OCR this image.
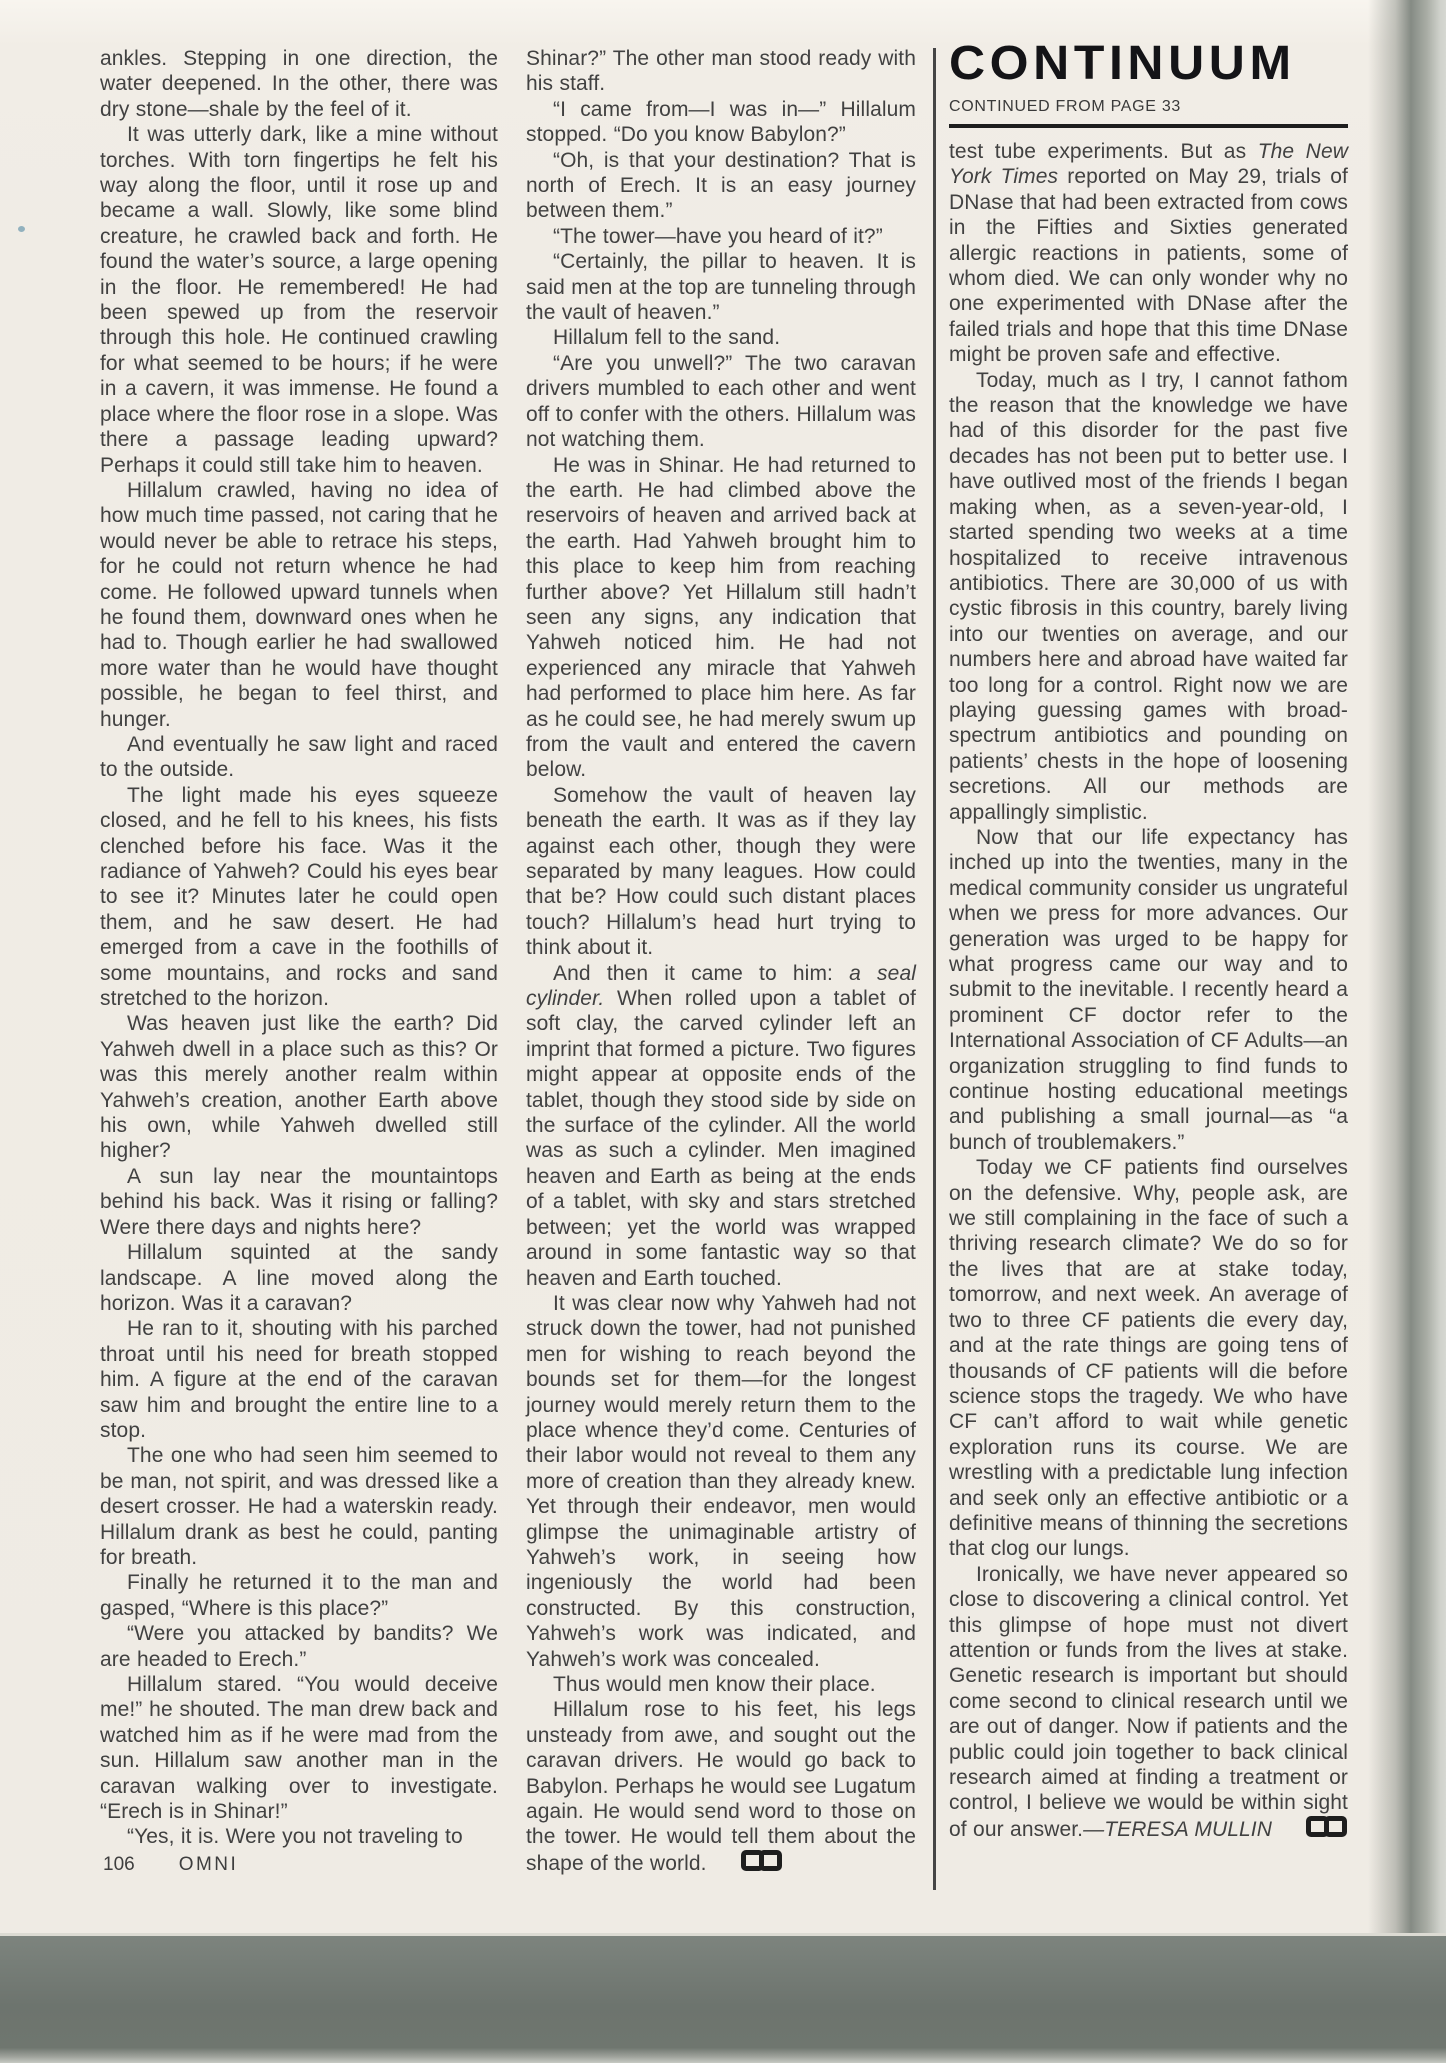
ankles. Stepping in one direction, the water deepened. In the other, there was dry stone—shale by the feel of it.

It was utterly dark, like a mine without torches. With torn fingertips he felt his way along the floor, until it rose up and became a wall. Slowly, like some blind creature, he crawled back and forth. He found the water’s source, a large opening in the floor. He remembered! He had been spewed up from the reservoir through this hole. He continued crawling for what seemed to be hours; if he were in a cavern, it was immense. He found a place where the floor rose in a slope. Was there a passage leading upward? Perhaps it could still take him to heaven.

Hillalum crawled, having no idea of how much time passed, not caring that he would never be able to retrace his steps, for he could not return whence he had come. He followed upward tunnels when he found them, downward ones when he had to. Though earlier he had swallowed more water than he would have thought possible, he began to feel thirst, and hunger.

And eventually he saw light and raced to the outside.

The light made his eyes squeeze closed, and he fell to his knees, his fists clenched before his face. Was it the radiance of Yahweh? Could his eyes bear to see it? Minutes later he could open them, and he saw desert. He had emerged from a cave in the foothills of some mountains, and rocks and sand stretched to the horizon.

Was heaven just like the earth? Did Yahweh dwell in a place such as this? Or was this merely another realm within Yahweh’s creation, another Earth above his own, while Yahweh dwelled still higher?

A sun lay near the mountaintops behind his back. Was it rising or falling? Were there days and nights here?

Hillalum squinted at the sandy landscape. A line moved along the horizon. Was it a caravan?

He ran to it, shouting with his parched throat until his need for breath stopped him. A figure at the end of the caravan saw him and brought the entire line to a stop.

The one who had seen him seemed to be man, not spirit, and was dressed like a desert crosser. He had a waterskin ready. Hillalum drank as best he could, panting for breath.

Finally he returned it to the man and gasped, “Where is this place?”

“Were you attacked by bandits? We are headed to Erech.”

Hillalum stared. “You would deceive me!” he shouted. The man drew back and watched him as if he were mad from the sun. Hillalum saw another man in the caravan walking over to investigate. “Erech is in Shinar!”

“Yes, it is. Were you not traveling to

Shinar?” The other man stood ready with his staff.

“I came from—I was in—” Hillalum stopped. “Do you know Babylon?”

“Oh, is that your destination? That is north of Erech. It is an easy journey between them.”

“The tower—have you heard of it?”

“Certainly, the pillar to heaven. It is said men at the top are tunneling through the vault of heaven.”

Hillalum fell to the sand.

“Are you unwell?” The two caravan drivers mumbled to each other and went off to confer with the others. Hillalum was not watching them.

He was in Shinar. He had returned to the earth. He had climbed above the reservoirs of heaven and arrived back at the earth. Had Yahweh brought him to this place to keep him from reaching further above? Yet Hillalum still hadn’t seen any signs, any indication that Yahweh noticed him. He had not experienced any miracle that Yahweh had performed to place him here. As far as he could see, he had merely swum up from the vault and entered the cavern below.

Somehow the vault of heaven lay beneath the earth. It was as if they lay against each other, though they were separated by many leagues. How could that be? How could such distant places touch? Hillalum’s head hurt trying to think about it.

And then it came to him: a seal cylinder. When rolled upon a tablet of soft clay, the carved cylinder left an imprint that formed a picture. Two figures might appear at opposite ends of the tablet, though they stood side by side on the surface of the cylinder. All the world was as such a cylinder. Men imagined heaven and Earth as being at the ends of a tablet, with sky and stars stretched between; yet the world was wrapped around in some fantastic way so that heaven and Earth touched.

It was clear now why Yahweh had not struck down the tower, had not punished men for wishing to reach beyond the bounds set for them—for the longest journey would merely return them to the place whence they’d come. Centuries of their labor would not reveal to them any more of creation than they already knew. Yet through their endeavor, men would glimpse the unimaginable artistry of Yahweh’s work, in seeing how ingeniously the world had been constructed. By this construction, Yahweh’s work was indicated, and Yahweh’s work was concealed.

Thus would men know their place.

Hillalum rose to his feet, his legs unsteady from awe, and sought out the caravan drivers. He would go back to Babylon. Perhaps he would see Lugatum again. He would send word to those on the tower. He would tell them about the shape of the world.

CONTINUUM
CONTINUED FROM PAGE 33

test tube experiments. But as The New York Times reported on May 29, trials of DNase that had been extracted from cows in the Fifties and Sixties generated allergic reactions in patients, some of whom died. We can only wonder why no one experimented with DNase after the failed trials and hope that this time DNase might be proven safe and effective.

Today, much as I try, I cannot fathom the reason that the knowledge we have had of this disorder for the past five decades has not been put to better use. I have outlived most of the friends I began making when, as a seven-year-old, I started spending two weeks at a time hospitalized to receive intravenous antibiotics. There are 30,000 of us with cystic fibrosis in this country, barely living into our twenties on average, and our numbers here and abroad have waited far too long for a control. Right now we are playing guessing games with broad-spectrum antibiotics and pounding on patients’ chests in the hope of loosening secretions. All our methods are appallingly simplistic.

Now that our life expectancy has inched up into the twenties, many in the medical community consider us ungrateful when we press for more advances. Our generation was urged to be happy for what progress came our way and to submit to the inevitable. I recently heard a prominent CF doctor refer to the International Association of CF Adults—an organization struggling to find funds to continue hosting educational meetings and publishing a small journal—as “a bunch of troublemakers.”

Today we CF patients find ourselves on the defensive. Why, people ask, are we still complaining in the face of such a thriving research climate? We do so for the lives that are at stake today, tomorrow, and next week. An average of two to three CF patients die every day, and at the rate things are going tens of thousands of CF patients will die before science stops the tragedy. We who have CF can’t afford to wait while genetic exploration runs its course. We are wrestling with a predictable lung infection and seek only an effective antibiotic or a definitive means of thinning the secretions that clog our lungs.

Ironically, we have never appeared so close to discovering a clinical control. Yet this glimpse of hope must not divert attention or funds from the lives at stake. Genetic research is important but should come second to clinical research until we are out of danger. Now if patients and the public could join together to back clinical research aimed at finding a treatment or control, I believe we would be within sight of our answer.—TERESA MULLIN

106 OMNI
